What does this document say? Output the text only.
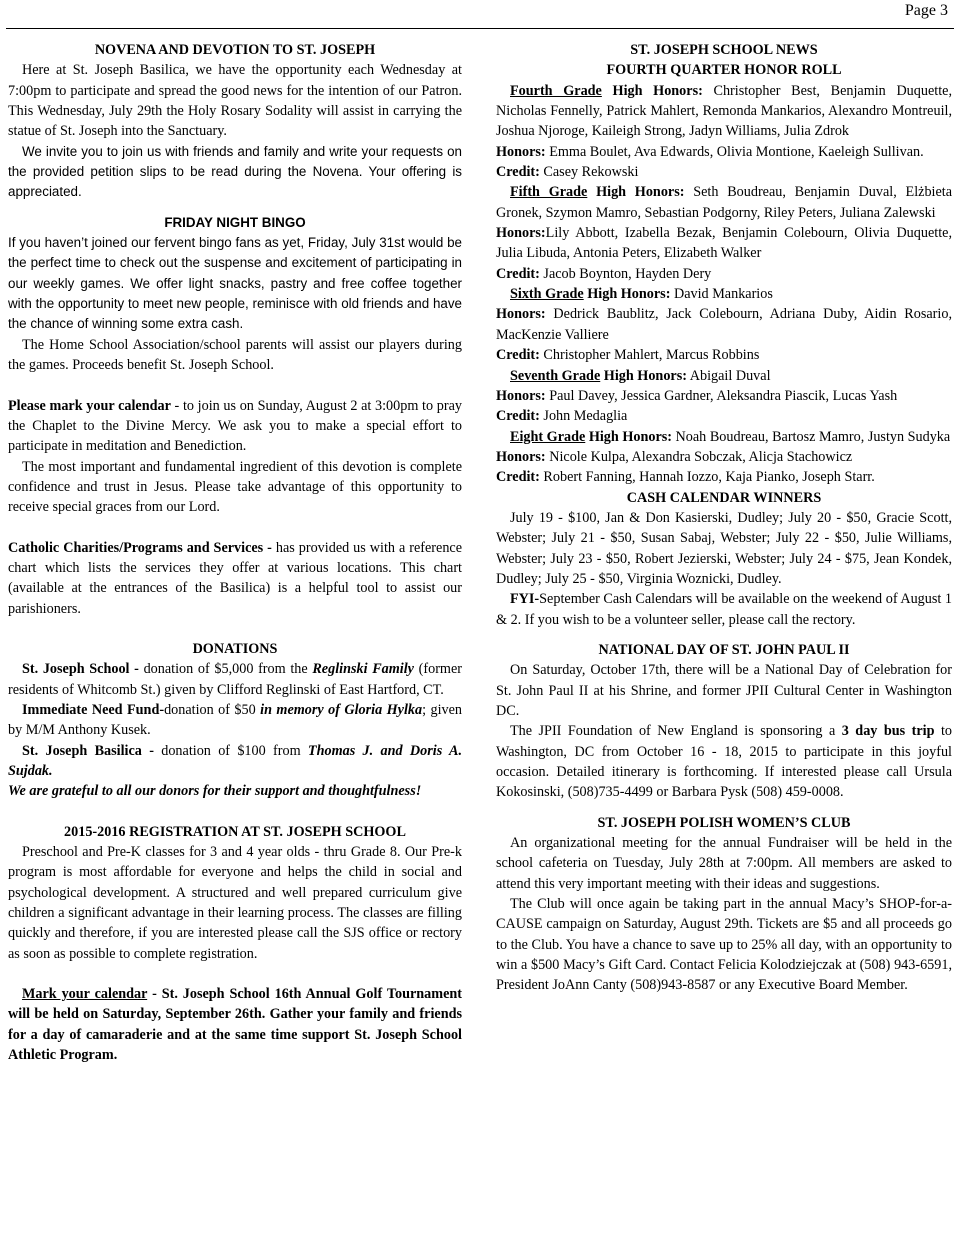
Page 3

NOVENA AND DEVOTION TO ST. JOSEPH

Here at St. Joseph Basilica, we have the opportunity each Wednesday at 7:00pm to participate and spread the good news for the intention of our Patron. This Wednesday, July 29th the Holy Rosary Sodality will assist in carrying the statue of St. Joseph into the Sanctuary.

We invite you to join us with friends and family and write your requests on the provided petition slips to be read during the Novena. Your offering is appreciated.

FRIDAY NIGHT BINGO

If you haven’t joined our fervent bingo fans as yet, Friday, July 31st would be the perfect time to check out the suspense and excitement of participating in our weekly games. We offer light snacks, pastry and free coffee together with the opportunity to meet new people, reminisce with old friends and have the chance of winning some extra cash.

The Home School Association/school parents will assist our players during the games. Proceeds benefit St. Joseph School.

Please mark your calendar - to join us on Sunday, August 2 at 3:00pm to pray the Chaplet to the Divine Mercy. We ask you to make a special effort to participate in meditation and Benediction.

The most important and fundamental ingredient of this devotion is complete confidence and trust in Jesus. Please take advantage of this opportunity to receive special graces from our Lord.

Catholic Charities/Programs and Services - has provided us with a reference chart which lists the services they offer at various locations. This chart (available at the entrances of the Basilica) is a helpful tool to assist our parishioners.

DONATIONS

St. Joseph School - donation of $5,000 from the Reglinski Family (former residents of Whitcomb St.) given by Clifford Reglinski of East Hartford, CT.

Immediate Need Fund-donation of $50 in memory of Gloria Hylka; given by M/M Anthony Kusek.

St. Joseph Basilica - donation of $100 from Thomas J. and Doris A. Sujdak.

We are grateful to all our donors for their support and thoughtfulness!

2015-2016 REGISTRATION AT ST. JOSEPH SCHOOL

Preschool and Pre-K classes for 3 and 4 year olds - thru Grade 8. Our Pre-k program is most affordable for everyone and helps the child in social and psychological development. A structured and well prepared curriculum give children a significant advantage in their learning process. The classes are filling quickly and therefore, if you are interested please call the SJS office or rectory as soon as possible to complete registration.

Mark your calendar - St. Joseph School 16th Annual Golf Tournament will be held on Saturday, September 26th. Gather your family and friends for a day of camaraderie and at the same time support St. Joseph School Athletic Program.

ST. JOSEPH SCHOOL NEWS

FOURTH QUARTER HONOR ROLL

Fourth Grade High Honors: Christopher Best, Benjamin Duquette, Nicholas Fennelly, Patrick Mahlert, Remonda Mankarios, Alexandro Montreuil, Joshua Njoroge, Kaileigh Strong, Jadyn Williams, Julia Zdrok

Honors: Emma Boulet, Ava Edwards, Olivia Montione, Kaeleigh Sullivan.

Credit: Casey Rekowski

Fifth Grade High Honors: Seth Boudreau, Benjamin Duval, Elżbieta Gronek, Szymon Mamro, Sebastian Podgorny, Riley Peters, Juliana Zalewski

Honors:Lily Abbott, Izabella Bezak, Benjamin Colebourn, Olivia Duquette, Julia Libuda, Antonia Peters, Elizabeth Walker

Credit: Jacob Boynton, Hayden Dery

Sixth Grade High Honors: David Mankarios

Honors: Dedrick Baublitz, Jack Colebourn, Adriana Duby, Aidin Rosario, MacKenzie Valliere

Credit: Christopher Mahlert, Marcus Robbins

Seventh Grade High Honors: Abigail Duval

Honors: Paul Davey, Jessica Gardner, Aleksandra Piascik, Lucas Yash

Credit: John Medaglia

Eight Grade High Honors: Noah Boudreau, Bartosz Mamro, Justyn Sudyka

Honors: Nicole Kulpa, Alexandra Sobczak, Alicja Stachowicz

Credit: Robert Fanning, Hannah Iozzo, Kaja Pianko, Joseph Starr.

CASH CALENDAR WINNERS

July 19 - $100, Jan & Don Kasierski, Dudley; July 20 - $50, Gracie Scott, Webster; July 21 - $50, Susan Sabaj, Webster; July 22 - $50, Julie Williams, Webster; July 23 - $50, Robert Jezierski, Webster; July 24 - $75, Jean Kondek, Dudley; July 25 - $50, Virginia Woznicki, Dudley.

FYI-September Cash Calendars will be available on the weekend of August 1 & 2. If you wish to be a volunteer seller, please call the rectory.

NATIONAL DAY OF ST. JOHN PAUL II

On Saturday, October 17th, there will be a National Day of Celebration for St. John Paul II at his Shrine, and former JPII Cultural Center in Washington DC.

The JPII Foundation of New England is sponsoring a 3 day bus trip to Washington, DC from October 16 - 18, 2015 to participate in this joyful occasion. Detailed itinerary is forthcoming. If interested please call Ursula Kokosinski, (508)735-4499 or Barbara Pysk (508) 459-0008.

ST. JOSEPH POLISH WOMEN’S CLUB

An organizational meeting for the annual Fundraiser will be held in the school cafeteria on Tuesday, July 28th at 7:00pm. All members are asked to attend this very important meeting with their ideas and suggestions.

The Club will once again be taking part in the annual Macy’s SHOP-for-a-CAUSE campaign on Saturday, August 29th. Tickets are $5 and all proceeds go to the Club. You have a chance to save up to 25% all day, with an opportunity to win a $500 Macy’s Gift Card. Contact Felicia Kolodziejczak at (508) 943-6591, President JoAnn Canty (508)943-8587 or any Executive Board Member.
